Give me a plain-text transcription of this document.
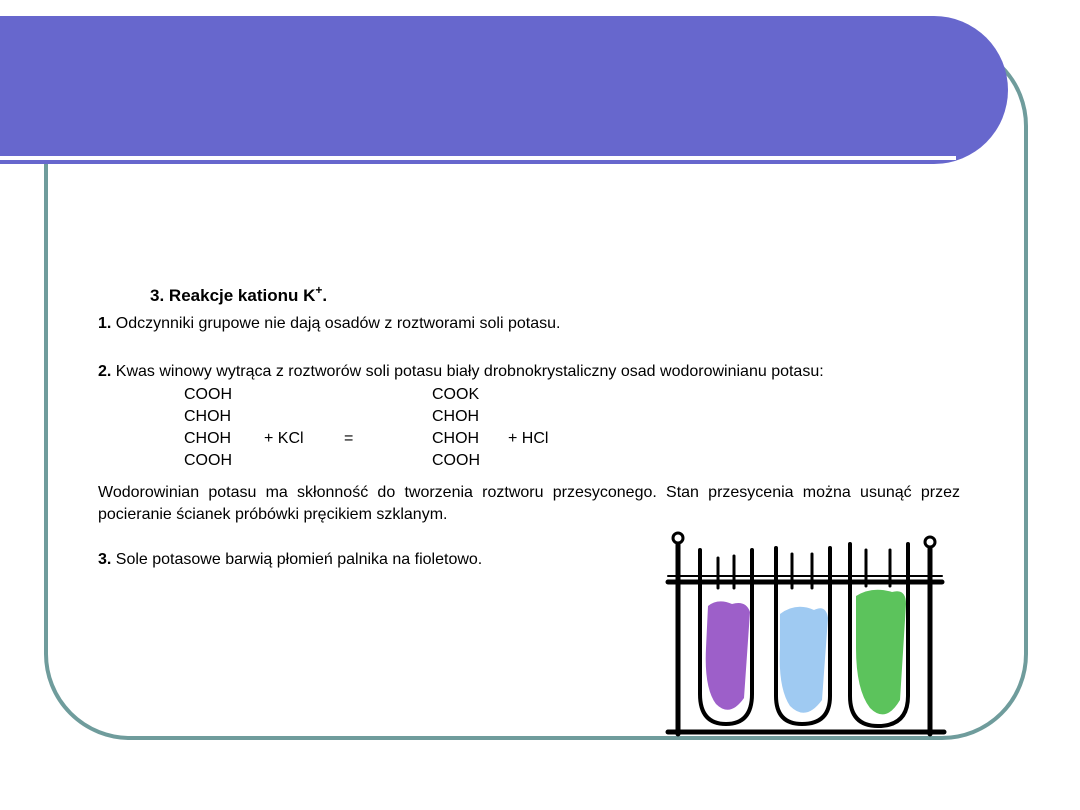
3. Reakcje kationu K+.
1. Odczynniki grupowe nie dają osadów z roztworami soli potasu.
2. Kwas winowy wytrąca z roztworów soli potasu biały drobnokrystaliczny osad wodorowinianu potasu:
COOH
CHOH
CHOH
COOH
+ KCl	=
COOK
CHOH
CHOH
COOH
+ HCl
Wodorowinian potasu ma skłonność do tworzenia roztworu przesyconego. Stan przesycenia można usunąć przez pocieranie ścianek próbówki pręcikiem szklanym.
3. Sole potasowe barwią płomień palnika na fioletowo.
